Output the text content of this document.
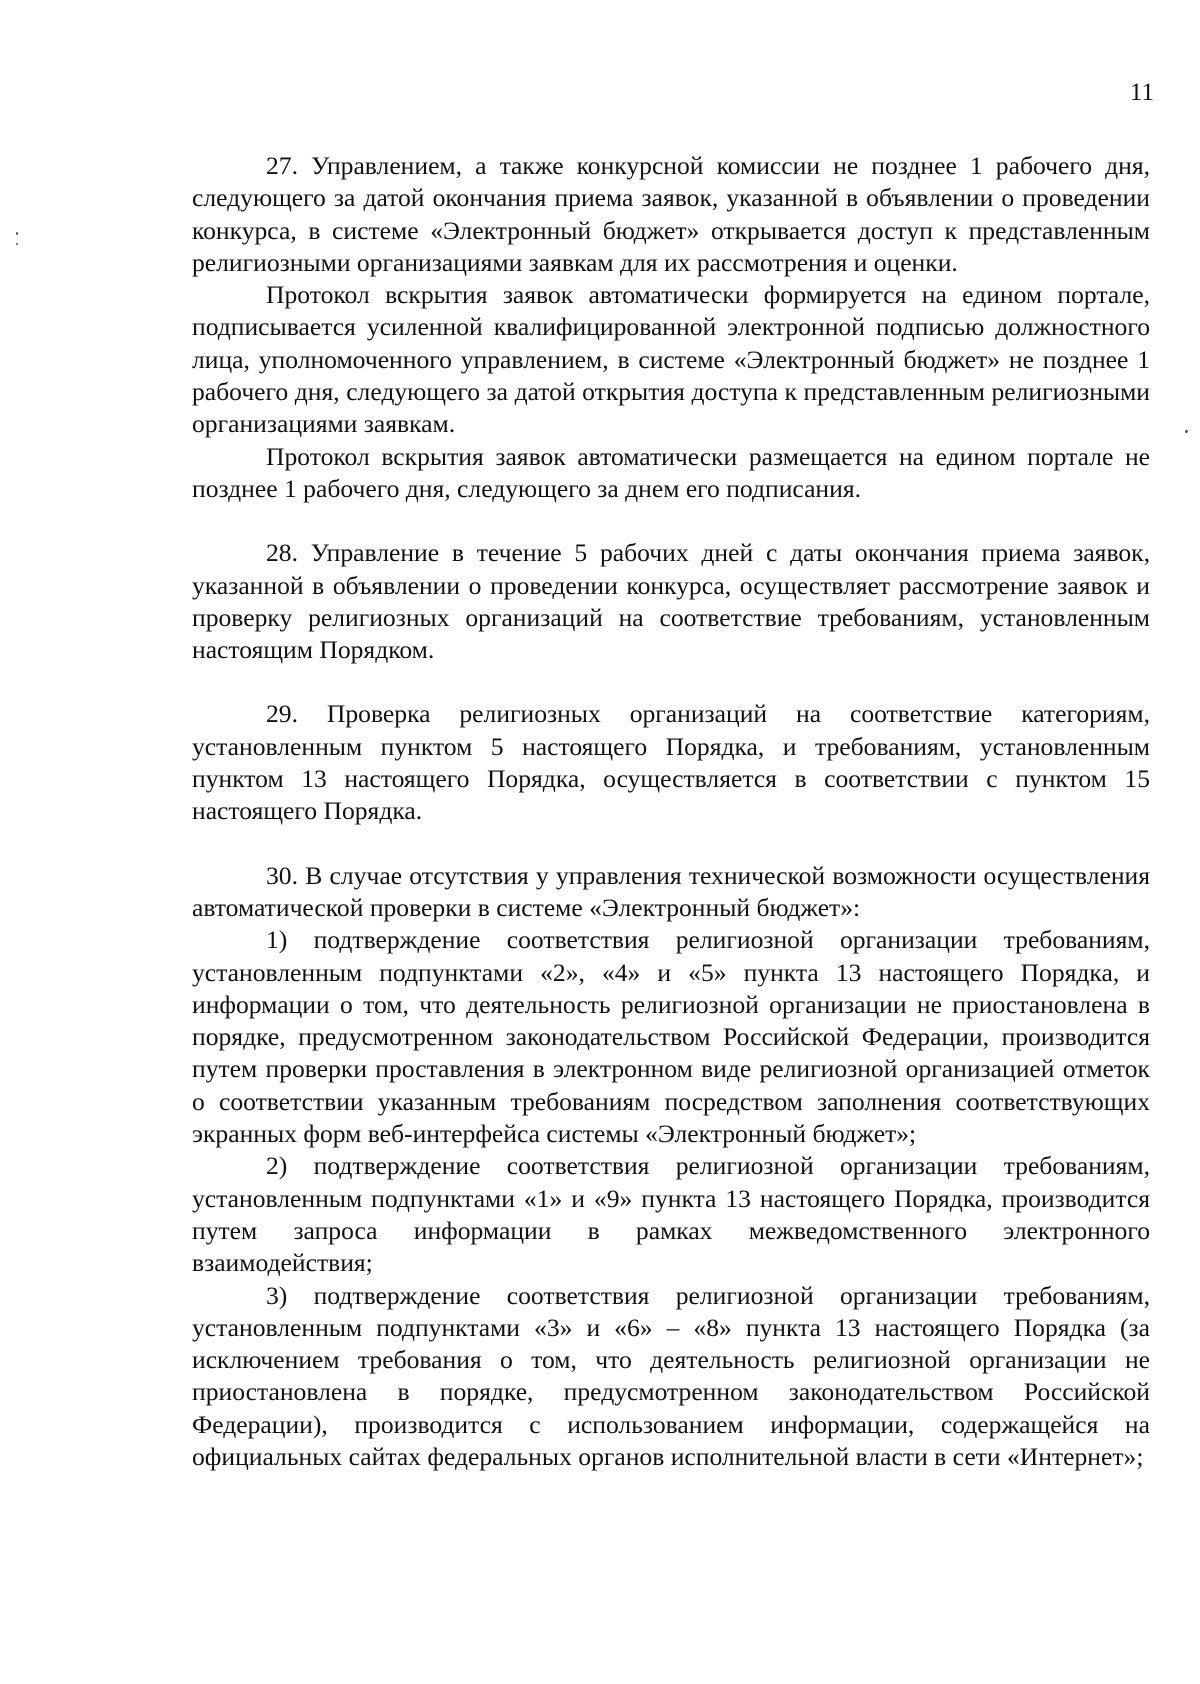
11

27. Управлением, а также конкурсной комиссии не позднее 1 рабочего дня, следующего за датой окончания приема заявок, указанной в объявлении о проведении конкурса, в системе «Электронный бюджет» открывается доступ к представленным религиозными организациями заявкам для их рассмотрения и оценки.

Протокол вскрытия заявок автоматически формируется на едином портале, подписывается усиленной квалифицированной электронной подписью должностного лица, уполномоченного управлением, в системе «Электронный бюджет» не позднее 1 рабочего дня, следующего за датой открытия доступа к представленным религиозными организациями заявкам.

Протокол вскрытия заявок автоматически размещается на едином портале не позднее 1 рабочего дня, следующего за днем его подписания.

28. Управление в течение 5 рабочих дней с даты окончания приема заявок, указанной в объявлении о проведении конкурса, осуществляет рассмотрение заявок и проверку религиозных организаций на соответствие требованиям, установленным настоящим Порядком.

29. Проверка религиозных организаций на соответствие категориям, установленным пунктом 5 настоящего Порядка, и требованиям, установленным пунктом 13 настоящего Порядка, осуществляется в соответствии с пунктом 15 настоящего Порядка.

30. В случае отсутствия у управления технической возможности осуществления автоматической проверки в системе «Электронный бюджет»:

1) подтверждение соответствия религиозной организации требованиям, установленным подпунктами «2», «4» и «5» пункта 13 настоящего Порядка, и информации о том, что деятельность религиозной организации не приостановлена в порядке, предусмотренном законодательством Российской Федерации, производится путем проверки проставления в электронном виде религиозной организацией отметок о соответствии указанным требованиям посредством заполнения соответствующих экранных форм веб-интерфейса системы «Электронный бюджет»;

2) подтверждение соответствия религиозной организации требованиям, установленным подпунктами «1» и «9» пункта 13 настоящего Порядка, производится путем запроса информации в рамках межведомственного электронного взаимодействия;

3) подтверждение соответствия религиозной организации требованиям, установленным подпунктами «3» и «6» – «8» пункта 13 настоящего Порядка (за исключением требования о том, что деятельность религиозной организации не приостановлена в порядке, предусмотренном законодательством Российской Федерации), производится с использованием информации, содержащейся на официальных сайтах федеральных органов исполнительной власти в сети «Интернет»;
